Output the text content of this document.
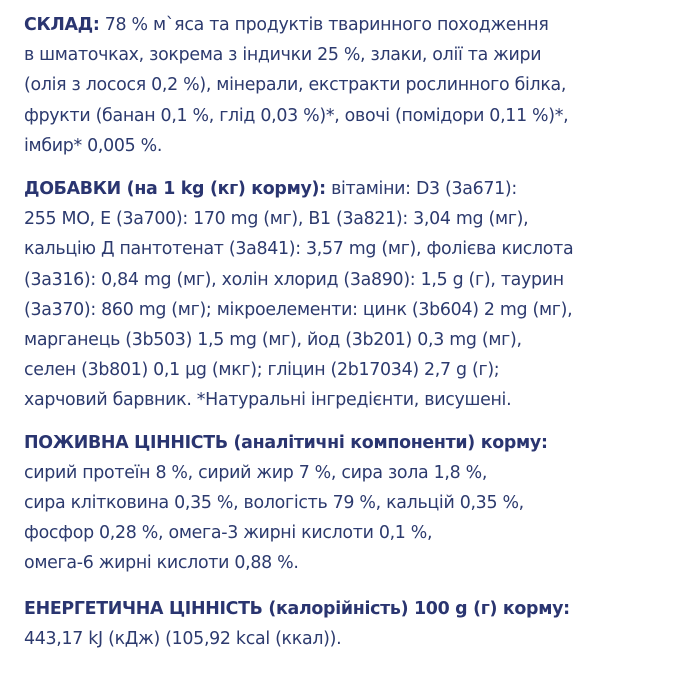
СКЛАД: 78 % м`яса та продуктів тваринного походження
в шматочках, зокрема з індички 25 %, злаки, олії та жири
(олія з лосося 0,2 %), мінерали, екстракти рослинного білка,
фрукти (банан 0,1 %, глід 0,03 %)*, овочі (помідори 0,11 %)*,
імбир* 0,005 %.
ДОБАВКИ (на 1 kg (кг) корму): вітаміни: D3 (3а671):
255 МО, Е (3а700): 170 mg (мг), В1 (3а821): 3,04 mg (мг),
кальцію Д пантотенат (3а841): 3,57 mg (мг), фолієва кислота
(3а316): 0,84 mg (мг), холін хлорид (3а890): 1,5 g (г), таурин
(3а370): 860 mg (мг); мікроелементи: цинк (3b604) 2 mg (мг),
марганець (3b503) 1,5 mg (мг), йод (3b201) 0,3 mg (мг),
селен (3b801) 0,1 µg (мкг); гліцин (2b17034) 2,7 g (г);
харчовий барвник. *Натуральні інгредієнти, висушені.
ПОЖИВНА ЦІННІСТЬ (аналітичні компоненти) корму:
сирий протеїн 8 %, сирий жир 7 %, сира зола 1,8 %,
сира клітковина 0,35 %, вологість 79 %, кальцій 0,35 %,
фосфор 0,28 %, омега-3 жирні кислоти 0,1 %,
омега-6 жирні кислоти 0,88 %.
ЕНЕРГЕТИЧНА ЦІННІСТЬ (калорійність) 100 g (г) корму:
443,17 kJ (кДж) (105,92 kcal (ккал)).
